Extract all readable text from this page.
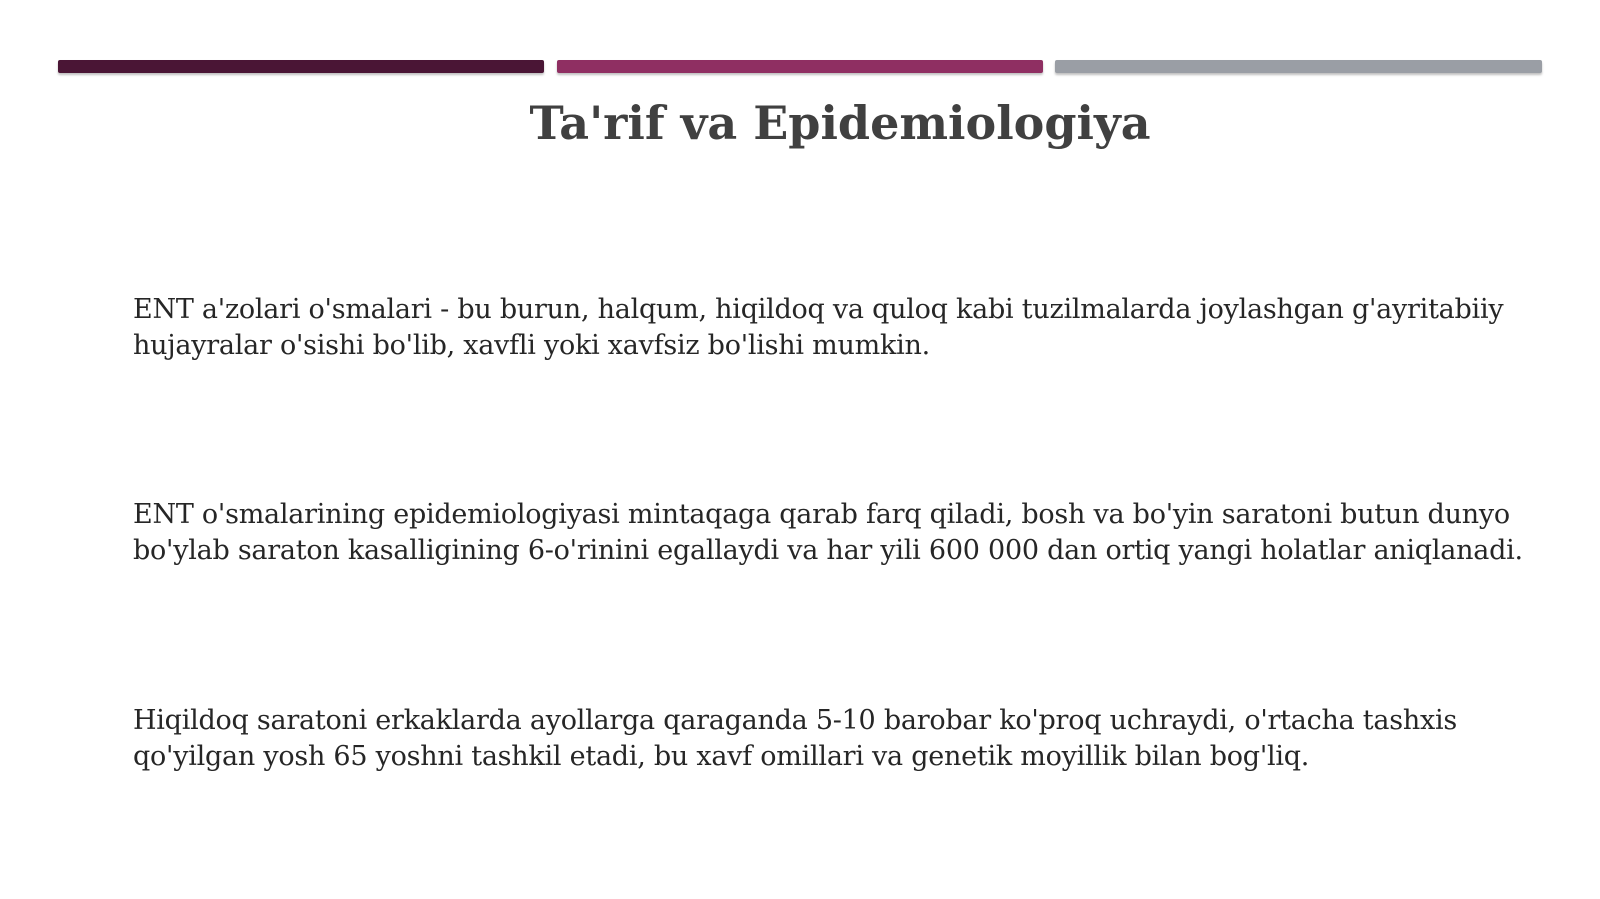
Ta'rif va Epidemiologiya

ENT a'zolari o'smalari - bu burun, halqum, hiqildoq va quloq kabi tuzilmalarda joylashgan g'ayritabiiy hujayralar o'sishi bo'lib, xavfli yoki xavfsiz bo'lishi mumkin.

ENT o'smalarining epidemiologiyasi mintaqaga qarab farq qiladi, bosh va bo'yin saratoni butun dunyo bo'ylab saraton kasalligining 6-o'rinini egallaydi va har yili 600 000 dan ortiq yangi holatlar aniqlanadi.

Hiqildoq saratoni erkaklarda ayollarga qaraganda 5-10 barobar ko'proq uchraydi, o'rtacha tashxis qo'yilgan yosh 65 yoshni tashkil etadi, bu xavf omillari va genetik moyillik bilan bog'liq.
